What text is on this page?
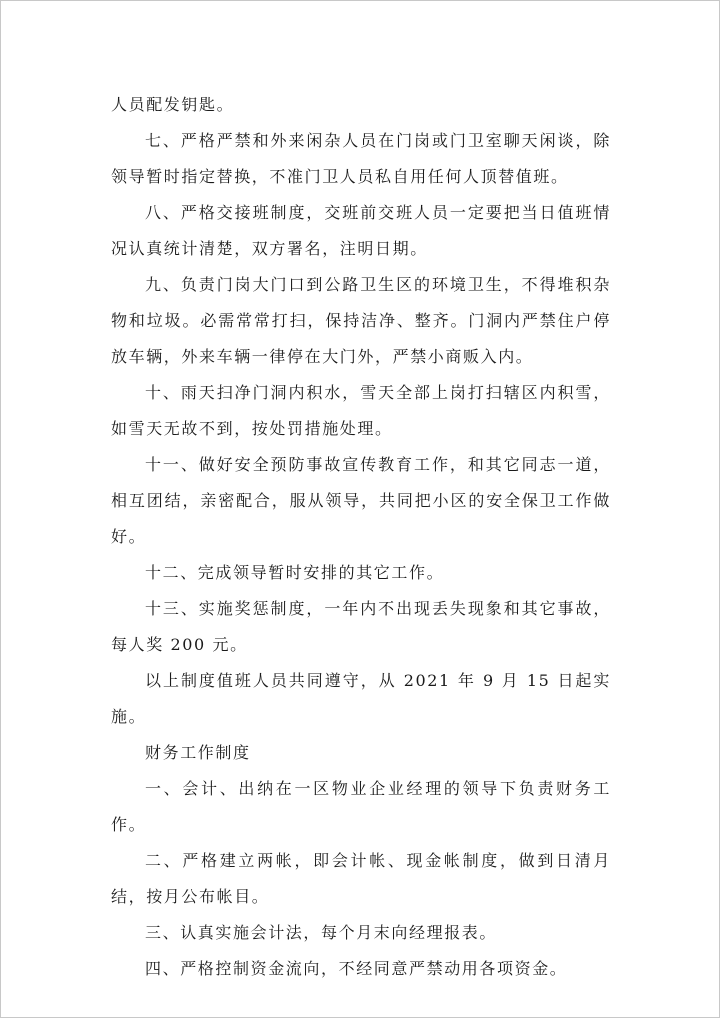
人员配发钥匙。

七、严格严禁和外来闲杂人员在门岗或门卫室聊天闲谈，除领导暂时指定替换，不准门卫人员私自用任何人顶替值班。

八、严格交接班制度，交班前交班人员一定要把当日值班情况认真统计清楚，双方署名，注明日期。

九、负责门岗大门口到公路卫生区的环境卫生，不得堆积杂物和垃圾。必需常常打扫，保持洁净、整齐。门洞内严禁住户停放车辆，外来车辆一律停在大门外，严禁小商贩入内。

十、雨天扫净门洞内积水，雪天全部上岗打扫辖区内积雪，如雪天无故不到，按处罚措施处理。

十一、做好安全预防事故宣传教育工作，和其它同志一道，相互团结，亲密配合，服从领导，共同把小区的安全保卫工作做好。

十二、完成领导暂时安排的其它工作。

十三、实施奖惩制度，一年内不出现丢失现象和其它事故，每人奖 200 元。

以上制度值班人员共同遵守，从 2021 年 9 月 15 日起实施。

财务工作制度

一、会计、出纳在一区物业企业经理的领导下负责财务工作。

二、严格建立两帐，即会计帐、现金帐制度，做到日清月结，按月公布帐目。

三、认真实施会计法，每个月末向经理报表。

四、严格控制资金流向，不经同意严禁动用各项资金。
